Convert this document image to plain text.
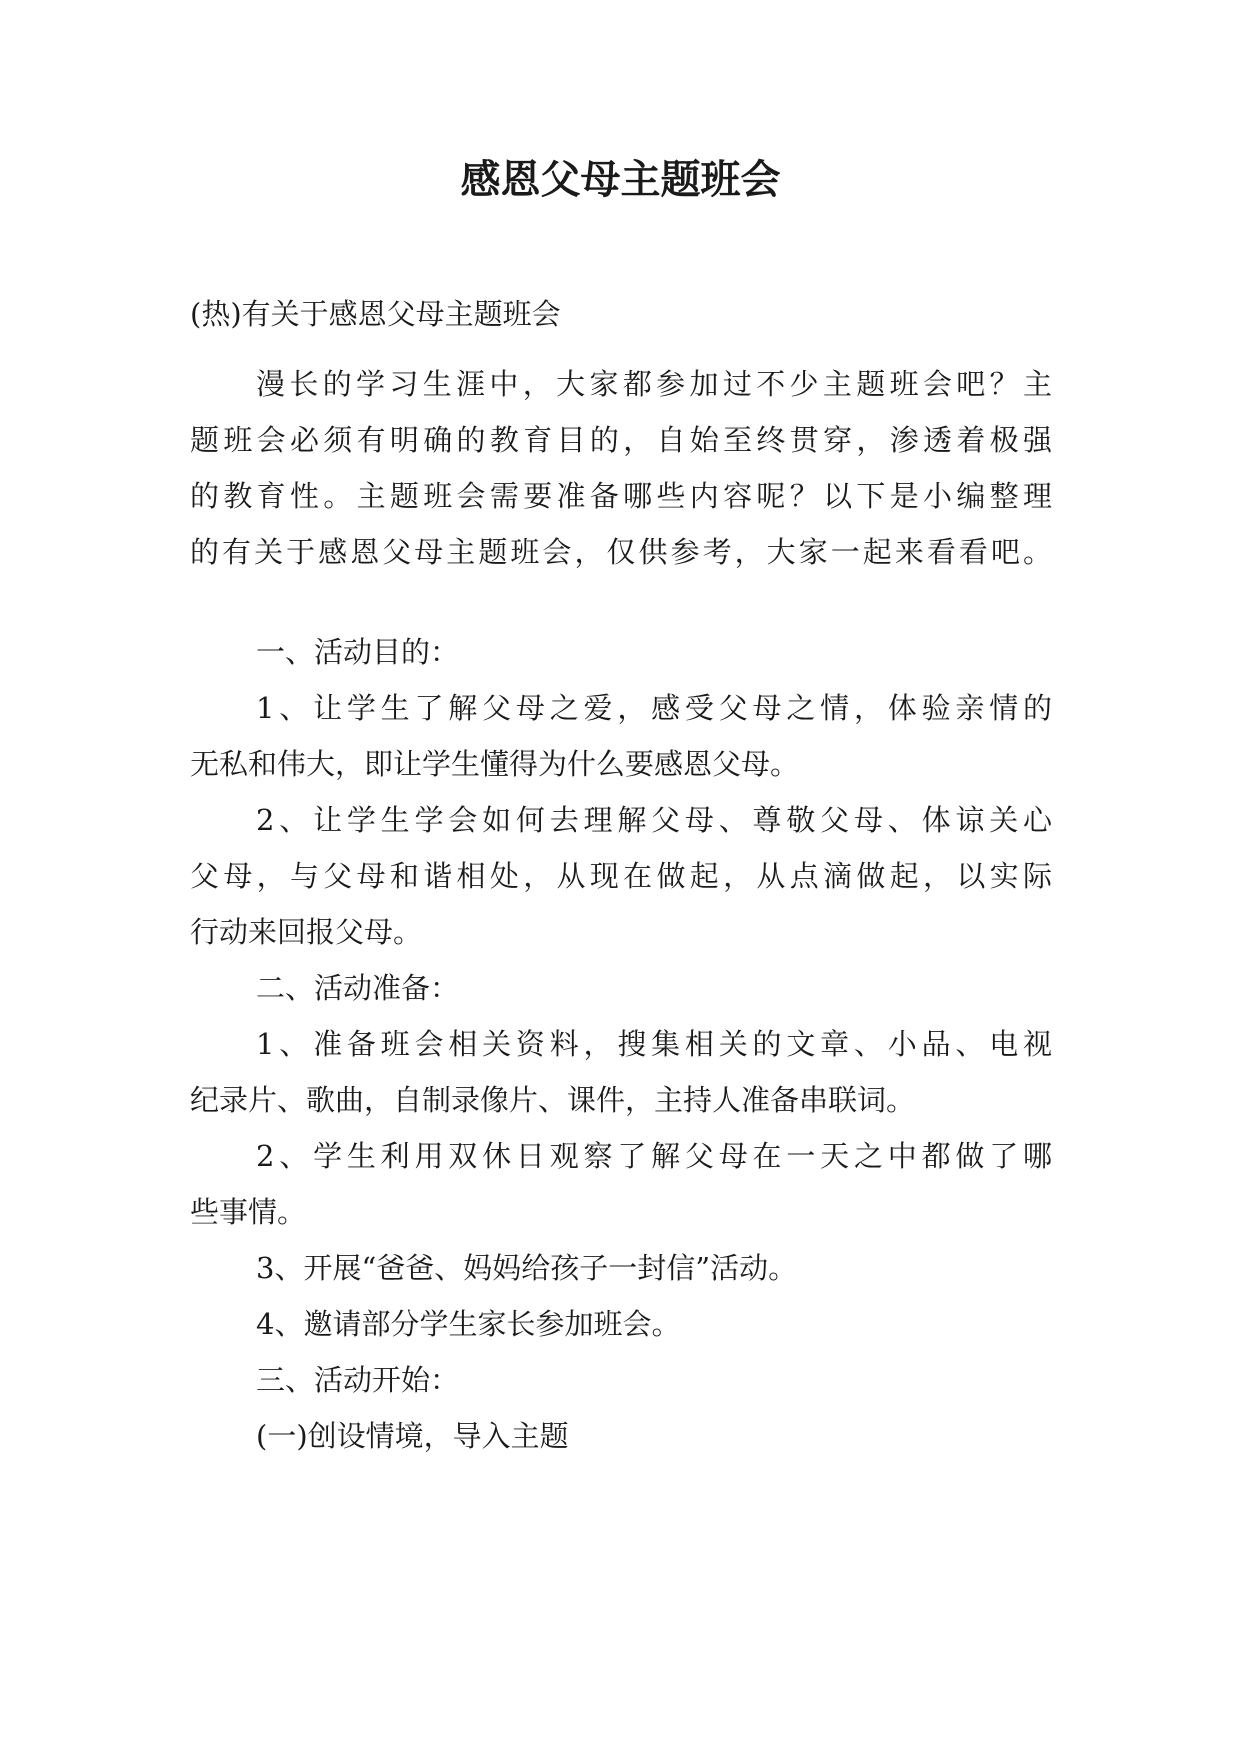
感恩父母主题班会

(热)有关于感恩父母主题班会

漫长的学习生涯中，大家都参加过不少主题班会吧？主

题班会必须有明确的教育目的，自始至终贯穿，渗透着极强

的教育性。主题班会需要准备哪些内容呢？以下是小编整理

的有关于感恩父母主题班会，仅供参考，大家一起来看看吧。

一、活动目的：

1、让学生了解父母之爱，感受父母之情，体验亲情的

无私和伟大，即让学生懂得为什么要感恩父母。

2、让学生学会如何去理解父母、尊敬父母、体谅关心

父母，与父母和谐相处，从现在做起，从点滴做起，以实际

行动来回报父母。

二、活动准备：

1、准备班会相关资料，搜集相关的文章、小品、电视

纪录片、歌曲，自制录像片、课件，主持人准备串联词。

2、学生利用双休日观察了解父母在一天之中都做了哪

些事情。

3、开展“爸爸、妈妈给孩子一封信”活动。

4、邀请部分学生家长参加班会。

三、活动开始：

(一)创设情境，导入主题
